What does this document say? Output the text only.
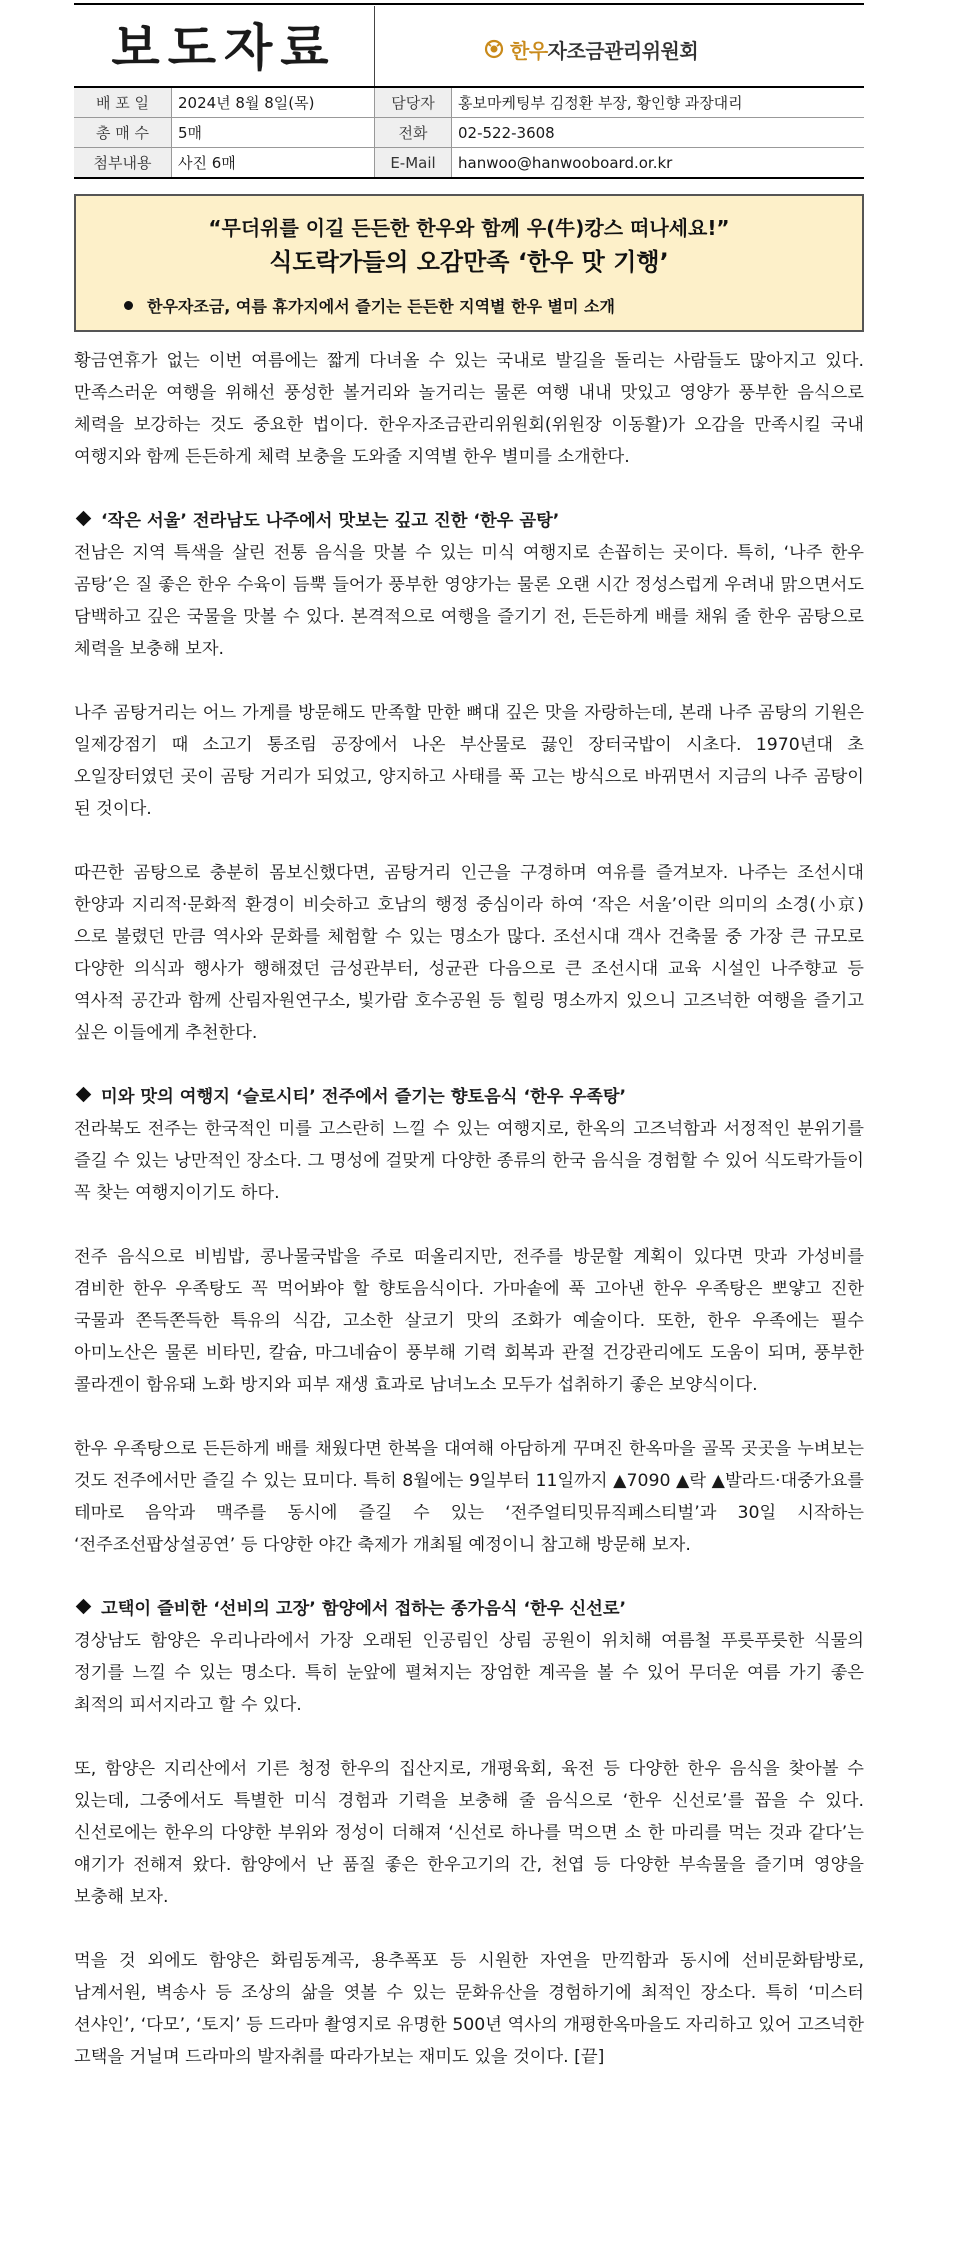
보도자료	한우자조금관리위원회
배 포 일	2024년 8월 8일(목)	담당자	홍보마케팅부 김정환 부장, 황인향 과장대리
총 매 수	5매	전화	02-522-3608
첨부내용	사진 6매	E-Mail	hanwoo@hanwooboard.or.kr
“무더위를 이길 든든한 한우와 함께 우(牛)캉스 떠나세요!”
식도락가들의 오감만족 ‘한우 맛 기행’
한우자조금, 여름 휴가지에서 즐기는 든든한 지역별 한우 별미 소개

황금연휴가 없는 이번 여름에는 짧게 다녀올 수 있는 국내로 발길을 돌리는 사람들도 많아지고 있다. 만족스러운 여행을 위해선 풍성한 볼거리와 놀거리는 물론 여행 내내 맛있고 영양가 풍부한 음식으로 체력을 보강하는 것도 중요한 법이다. 한우자조금관리위원회(위원장 이동활)가 오감을 만족시킬 국내 여행지와 함께 든든하게 체력 보충을 도와줄 지역별 한우 별미를 소개한다.

‘작은 서울’ 전라남도 나주에서 맛보는 깊고 진한 ‘한우 곰탕’

전남은 지역 특색을 살린 전통 음식을 맛볼 수 있는 미식 여행지로 손꼽히는 곳이다. 특히, ‘나주 한우 곰탕’은 질 좋은 한우 수육이 듬뿍 들어가 풍부한 영양가는 물론 오랜 시간 정성스럽게 우려내 맑으면서도 담백하고 깊은 국물을 맛볼 수 있다. 본격적으로 여행을 즐기기 전, 든든하게 배를 채워 줄 한우 곰탕으로 체력을 보충해 보자.

나주 곰탕거리는 어느 가게를 방문해도 만족할 만한 뼈대 깊은 맛을 자랑하는데, 본래 나주 곰탕의 기원은 일제강점기 때 소고기 통조림 공장에서 나온 부산물로 끓인 장터국밥이 시초다. 1970년대 초 오일장터였던 곳이 곰탕 거리가 되었고, 양지하고 사태를 푹 고는 방식으로 바뀌면서 지금의 나주 곰탕이 된 것이다.

따끈한 곰탕으로 충분히 몸보신했다면, 곰탕거리 인근을 구경하며 여유를 즐겨보자. 나주는 조선시대 한양과 지리적·문화적 환경이 비슷하고 호남의 행정 중심이라 하여 ‘작은 서울’이란 의미의 소경(小京)으로 불렸던 만큼 역사와 문화를 체험할 수 있는 명소가 많다. 조선시대 객사 건축물 중 가장 큰 규모로 다양한 의식과 행사가 행해졌던 금성관부터, 성균관 다음으로 큰 조선시대 교육 시설인 나주향교 등 역사적 공간과 함께 산림자원연구소, 빛가람 호수공원 등 힐링 명소까지 있으니 고즈넉한 여행을 즐기고 싶은 이들에게 추천한다.

미와 맛의 여행지 ‘슬로시티’ 전주에서 즐기는 향토음식 ‘한우 우족탕’

전라북도 전주는 한국적인 미를 고스란히 느낄 수 있는 여행지로, 한옥의 고즈넉함과 서정적인 분위기를 즐길 수 있는 낭만적인 장소다. 그 명성에 걸맞게 다양한 종류의 한국 음식을 경험할 수 있어 식도락가들이 꼭 찾는 여행지이기도 하다.

전주 음식으로 비빔밥, 콩나물국밥을 주로 떠올리지만, 전주를 방문할 계획이 있다면 맛과 가성비를 겸비한 한우 우족탕도 꼭 먹어봐야 할 향토음식이다. 가마솥에 푹 고아낸 한우 우족탕은 뽀얗고 진한 국물과 쫀득쫀득한 특유의 식감, 고소한 살코기 맛의 조화가 예술이다. 또한, 한우 우족에는 필수 아미노산은 물론 비타민, 칼슘, 마그네슘이 풍부해 기력 회복과 관절 건강관리에도 도움이 되며, 풍부한 콜라겐이 함유돼 노화 방지와 피부 재생 효과로 남녀노소 모두가 섭취하기 좋은 보양식이다.

한우 우족탕으로 든든하게 배를 채웠다면 한복을 대여해 아담하게 꾸며진 한옥마을 골목 곳곳을 누벼보는 것도 전주에서만 즐길 수 있는 묘미다. 특히 8월에는 9일부터 11일까지 ▲7090 ▲락 ▲발라드·대중가요를 테마로 음악과 맥주를 동시에 즐길 수 있는 ‘전주얼티밋뮤직페스티벌’과 30일 시작하는 ‘전주조선팝상설공연’ 등 다양한 야간 축제가 개최될 예정이니 참고해 방문해 보자.

고택이 즐비한 ‘선비의 고장’ 함양에서 접하는 종가음식 ‘한우 신선로’

경상남도 함양은 우리나라에서 가장 오래된 인공림인 상림 공원이 위치해 여름철 푸릇푸릇한 식물의 정기를 느낄 수 있는 명소다. 특히 눈앞에 펼쳐지는 장엄한 계곡을 볼 수 있어 무더운 여름 가기 좋은 최적의 피서지라고 할 수 있다.

또, 함양은 지리산에서 기른 청정 한우의 집산지로, 개평육회, 육전 등 다양한 한우 음식을 찾아볼 수 있는데, 그중에서도 특별한 미식 경험과 기력을 보충해 줄 음식으로 ‘한우 신선로’를 꼽을 수 있다. 신선로에는 한우의 다양한 부위와 정성이 더해져 ‘신선로 하나를 먹으면 소 한 마리를 먹는 것과 같다’는 얘기가 전해져 왔다. 함양에서 난 품질 좋은 한우고기의 간, 천엽 등 다양한 부속물을 즐기며 영양을 보충해 보자.

먹을 것 외에도 함양은 화림동계곡, 용추폭포 등 시원한 자연을 만끽함과 동시에 선비문화탐방로, 남계서원, 벽송사 등 조상의 삶을 엿볼 수 있는 문화유산을 경험하기에 최적인 장소다. 특히 ‘미스터 션샤인’, ‘다모’, ‘토지’ 등 드라마 촬영지로 유명한 500년 역사의 개평한옥마을도 자리하고 있어 고즈넉한 고택을 거닐며 드라마의 발자취를 따라가보는 재미도 있을 것이다. [끝]
